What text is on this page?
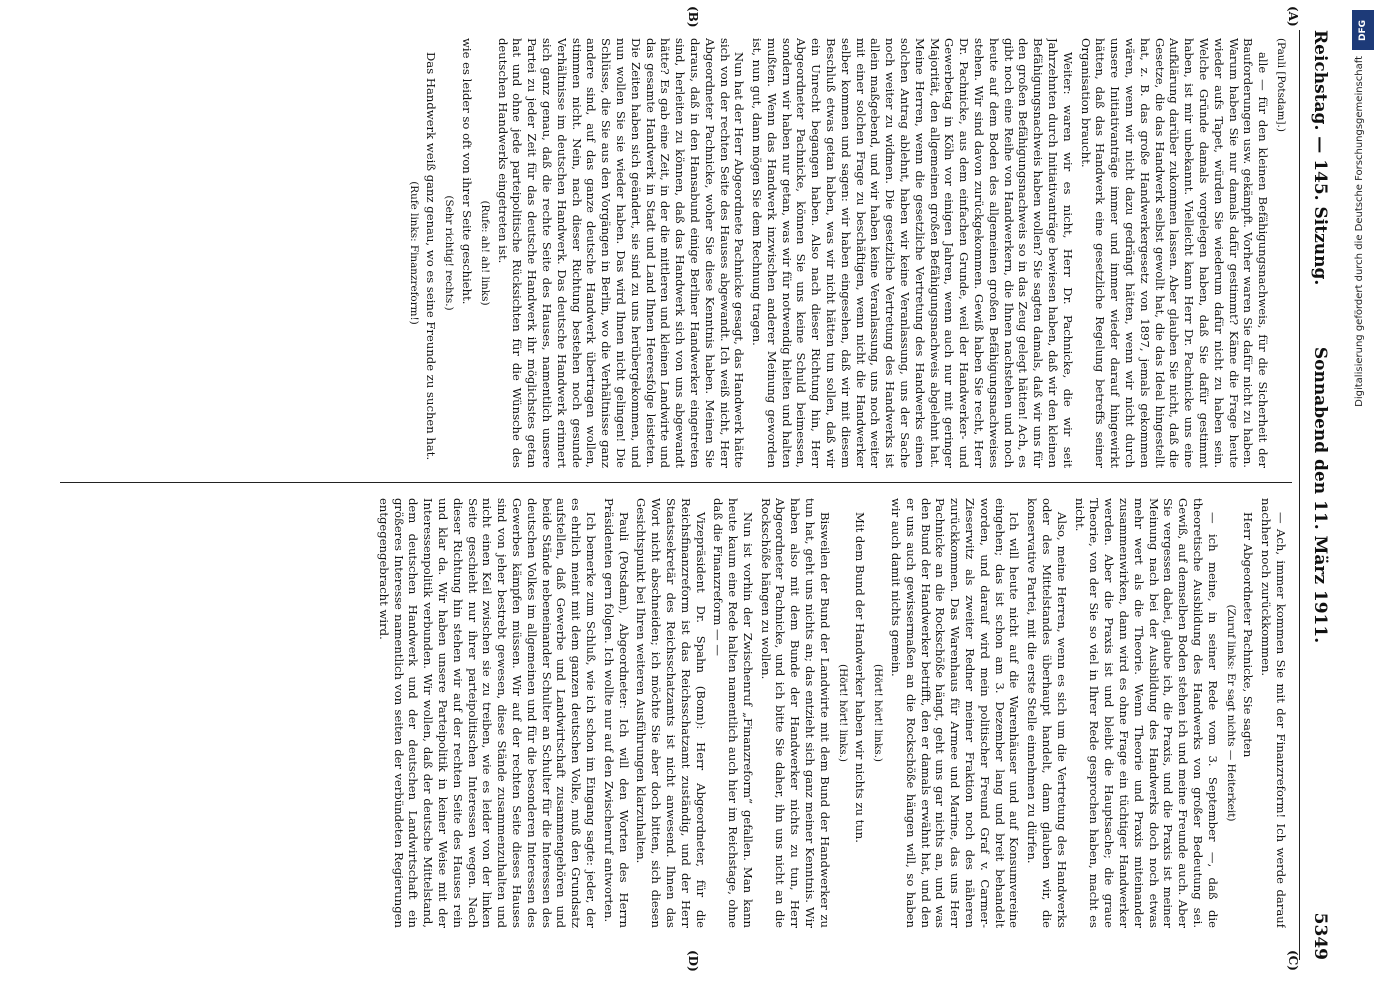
Reichstag. — 145. Sitzung.
Sonnabend den 11. März 1911.
5349
(A)
(B)
(C)
(D)

(Pauli [Potsdam].)

alle — für den kleinen Befähigungsnachweis, für die Sicherheit der Bauforderungen usw. gekämpft. Vorher waren Sie dafür nicht zu haben. Warum haben Sie nur damals dafür gestimmt? Käme die Frage heute wieder aufs Tapet, würden Sie wiederum dafür nicht zu haben sein. Welche Gründe damals vorgelegen haben, daß Sie dafür gestimmt haben, ist mir unbekannt. Vielleicht kann Herr Dr. Pachnicke uns eine Aufklärung darüber zukommen lassen. Aber glauben Sie nicht, daß die Gesetze, die das Handwerk selbst gewollt hat, die das Ideal hingestellt hat, z. B. das große Handwerkergesetz von 1897, jemals gekommen wären, wenn wir nicht dazu gedrängt hätten, wenn wir nicht durch unsere Initiativanträge immer und immer wieder darauf hingewirkt hätten, daß das Handwerk eine gesetzliche Regelung betreffs seiner Organisation braucht.

Weiter: waren wir es nicht, Herr Dr. Pachnicke, die wir seit Jahrzehnten durch Initiativanträge bewiesen haben, daß wir den kleinen Befähigungsnachweis haben wollen? Sie sagten damals, daß wir uns für den großen Befähigungsnachweis so in das Zeug gelegt hätten! Ach, es gibt noch eine Reihe von Handwerkern, die Ihnen nachstehen und noch heute auf dem Boden des allgemeinen großen Befähigungsnachweises stehen. Wir sind davon zurückgekommen. Gewiß haben Sie recht, Herr Dr. Pachnicke, aus dem einfachen Grunde, weil der Handwerker- und Gewerbetag in Köln vor einigen Jahren, wenn auch nur mit geringer Majorität, den allgemeinen großen Befähigungsnachweis abgelehnt hat. Meine Herren, wenn die gesetzliche Vertretung des Handwerks einen solchen Antrag ablehnt, haben wir keine Veranlassung, uns der Sache noch weiter zu widmen. Die gesetzliche Vertretung des Handwerks ist allein maßgebend, und wir haben keine Veranlassung, uns noch weiter mit einer solchen Frage zu beschäftigen, wenn nicht die Handwerker selber kommen und sagen: wir haben eingesehen, daß wir mit diesem Beschluß etwas getan haben, was wir nicht hätten tun sollen, daß wir ein Unrecht begangen haben. Also nach dieser Richtung hin, Herr Abgeordneter Pachnicke, können Sie uns keine Schuld beimessen, sondern wir haben nur getan, was wir für notwendig hielten und halten mußten. Wenn das Handwerk inzwischen anderer Meinung geworden ist, nun gut, dann mögen Sie dem Rechnung tragen.

Nun hat der Herr Abgeordnete Pachnicke gesagt, das Handwerk hätte sich von der rechten Seite des Hauses abgewandt. Ich weiß nicht, Herr Abgeordneter Pachnicke, woher Sie diese Kenntnis haben. Meinen Sie daraus, daß in den Hansabund einige Berliner Handwerker eingetreten sind, herleiten zu können, daß das Handwerk sich von uns abgewandt hätte? Es gab eine Zeit, in der die mittleren und kleinen Landwirte und das gesamte Handwerk in Stadt und Land Ihnen Heeresfolge leisteten. Die Zeiten haben sich geändert, sie sind zu uns herübergekommen, und nun wollen Sie sie wieder haben. Das wird Ihnen nicht gelingen! Die Schlüsse, die Sie aus den Vorgängen in Berlin, wo die Verhältnisse ganz andere sind, auf das ganze deutsche Handwerk übertragen wollen, stimmen nicht. Nein, nach dieser Richtung bestehen noch gesunde Verhältnisse im deutschen Handwerk. Das deutsche Handwerk erinnert sich ganz genau, daß die rechte Seite des Hauses, namentlich unsere Partei zu jeder Zeit für das deutsche Handwerk ihr möglichstes getan hat und ohne jede parteipolitische Rücksichten für die Wünsche des deutschen Handwerks eingetreten ist.

(Rufe: ah! ah! links)

wie es leider so oft von ihrer Seite geschieht.

(Sehr richtig! rechts.)

Das Handwerk weiß ganz genau, wo es seine Freunde zu suchen hat.

(Rufe links: Finanzreform!)

— Ach, immer kommen Sie mit der Finanzreform! Ich werde darauf nachher noch zurückkommen.

Herr Abgeordneter Pachnicke, Sie sagten

(Zuruf links: Er sagt nichts — Heiterkeit)

— ich meine, in seiner Rede vom 3. September —, daß die theoretische Ausbildung des Handwerks von großer Bedeutung sei. Gewiß, auf demselben Boden stehen ich und meine Freunde auch. Aber Sie vergessen dabei, glaube ich, die Praxis, und die Praxis ist meiner Meinung nach bei der Ausbildung des Handwerks doch noch etwas mehr wert als die Theorie. Wenn Theorie und Praxis miteinander zusammenwirken, dann wird es ohne Frage ein tüchtiger Handwerker werden. Aber die Praxis ist und bleibt die Hauptsache; die graue Theorie, von der Sie so viel in Ihrer Rede gesprochen haben, macht es nicht.

Also, meine Herren, wenn es sich um die Vertretung des Handwerks oder des Mittelstandes überhaupt handelt, dann glauben wir, die konservative Partei, mit die erste Stelle einnehmen zu dürfen.

Ich will heute nicht auf die Warenhäuser und auf Konsumvereine eingehen; das ist schon am 3. Dezember lang und breit behandelt worden, und darauf wird mein politischer Freund Graf v. Carmer-Zieserwitz als zweiter Redner meiner Fraktion noch des näheren zurückkommen. Das Warenhaus für Armee und Marine, das uns Herr Pachnicke an die Rockschöße hängt, geht uns gar nichts an, und was den Bund der Handwerker betrifft, den er damals erwähnt hat, und den er uns auch gewissermaßen an die Rockschöße hängen will, so haben wir auch damit nichts gemein.

(Hört! hört! links.)

Mit dem Bund der Handwerker haben wir nichts zu tun.

(Hört! hört! links.)

Bisweilen der Bund der Landwirte mit dem Bund der Handwerker zu tun hat, geht uns nichts an; das entzieht sich ganz meiner Kenntnis. Wir haben also mit dem Bunde der Handwerker nichts zu tun, Herr Abgeordneter Pachnicke, und ich bitte Sie daher, ihn uns nicht an die Rockschöße hängen zu wollen.

Nun ist vorhin der Zwischenruf „Finanzreform“ gefallen. Man kann heute kaum eine Rede halten namentlich auch hier im Reichstage, ohne daß die Finanzreform — —

Vizepräsident Dr. Spahn (Bonn): Herr Abgeordneter, für die Reichsfinanzreform ist das Reichsschatzamt zuständig, und der Herr Staatssekretär des Reichsschatzamts ist nicht anwesend. Ihnen das Wort nicht abschneiden; ich möchte Sie aber doch bitten, sich diesen Gesichtspunkt bei Ihren weiteren Ausführungen klarzuhalten.

Pauli (Potsdam), Abgeordneter: Ich will den Worten des Herrn Präsidenten gern folgen. Ich wollte nur auf den Zwischenruf antworten.

Ich bemerke zum Schluß, wie ich schon im Eingang sagte: jeder, der es ehrlich meint mit dem ganzen deutschen Volke, muß den Grundsatz aufstellen, daß Gewerbe und Landwirtschaft zusammengehören und beide Stände nebeneinander Schulter an Schulter für die Interessen des deutschen Volkes im allgemeinen und für die besonderen Interessen des Gewerbes kämpfen müssen. Wir auf der rechten Seite dieses Hauses sind von jeher bestrebt gewesen, diese Stände zusammenzuhalten und nicht einen Keil zwischen sie zu treiben, wie es leider von der linken Seite geschieht nur ihrer parteipolitischen Interessen wegen. Nach dieser Richtung hin stehen wir auf der rechten Seite des Hauses rein und klar da. Wir haben unsere Parteipolitik in keiner Weise mit der Interessenpolitik verbunden. Wir wollen, daß der deutsche Mittelstand, dem deutschen Handwerk und der deutschen Landwirtschaft ein größeres Interesse namentlich von seiten der verbündeten Regierungen entgegengebracht wird.

DFG
Digitalisierung gefördert durch die Deutsche Forschungsgemeinschaft
